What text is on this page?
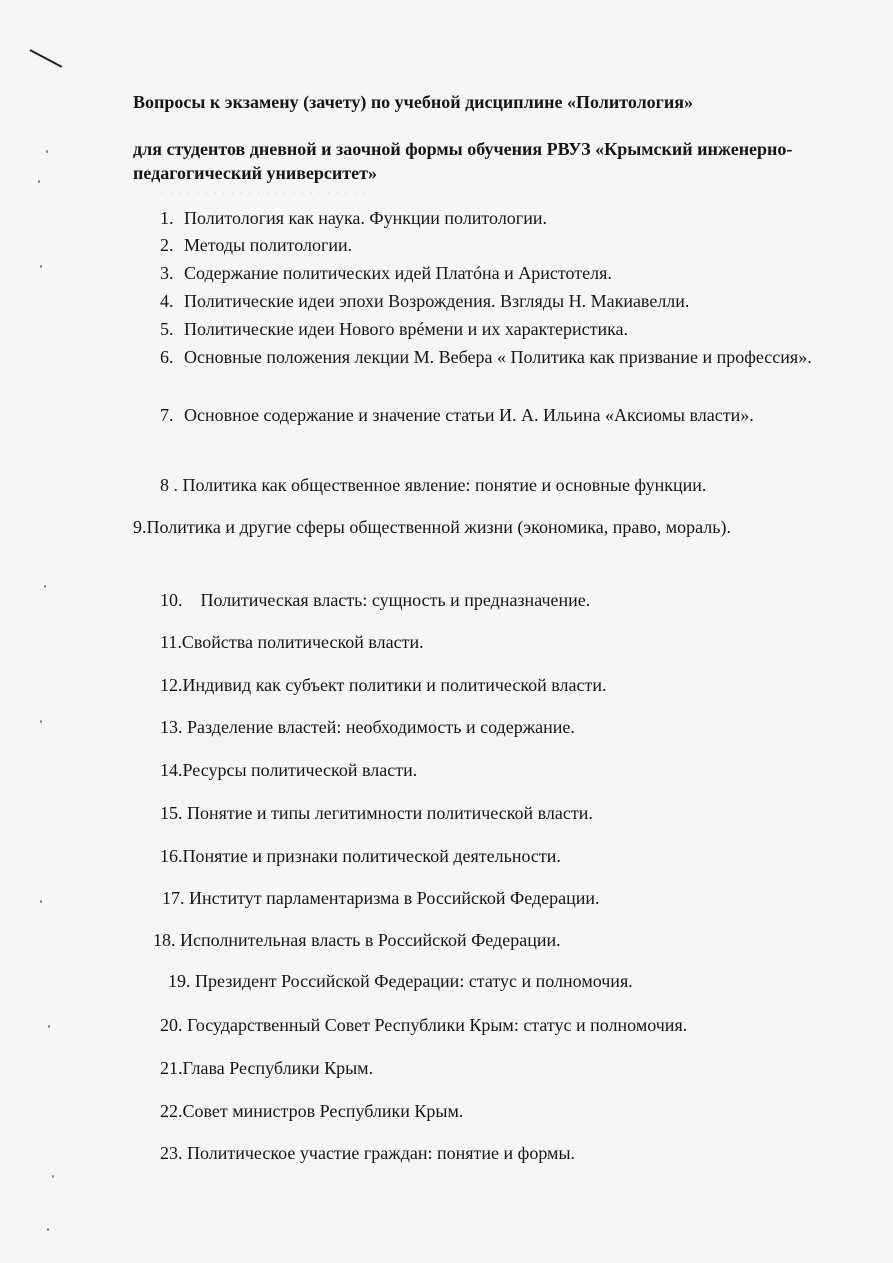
· · · · · · · · · · · · · · · · · · · · · · · ·

Вопросы к экзамену (зачету) по учебной дисциплине «Политология»

для студентов дневной и заочной формы обучения РВУЗ «Крымский инженерно-педагогический университет»

1. Политология как наука. Функции политологии.
2. Методы политологии.
3. Содержание политических идей Платóна и Аристотеля.
4. Политические идеи эпохи Возрождения. Взгляды Н. Макиавелли.
5. Политические идеи Нового врéмени и их характеристика.
6. Основные положения лекции М. Вебера « Политика как призвание и профессия».
7. Основное содержание и значение статьи И. А. Ильина «Аксиомы власти».
8 . Политика как общественное явление: понятие и основные функции.
9.Политика и другие сферы общественной жизни (экономика, право, мораль).
10. Политическая власть: сущность и предназначение.
11.Свойства политической власти.
12.Индивид как субъект политики и политической власти.
13. Разделение властей: необходимость и содержание.
14.Ресурсы политической власти.
15. Понятие и типы легитимности политической власти.
16.Понятие и признаки политической деятельности.
17. Институт парламентаризма в Российской Федерации.
18. Исполнительная власть в Российской Федерации.
19. Президент Российской Федерации: статус и полномочия.
20. Государственный Совет Республики Крым: статус и полномочия.
21.Глава Республики Крым.
22.Совет министров Республики Крым.
23. Политическое участие граждан: понятие и формы.
